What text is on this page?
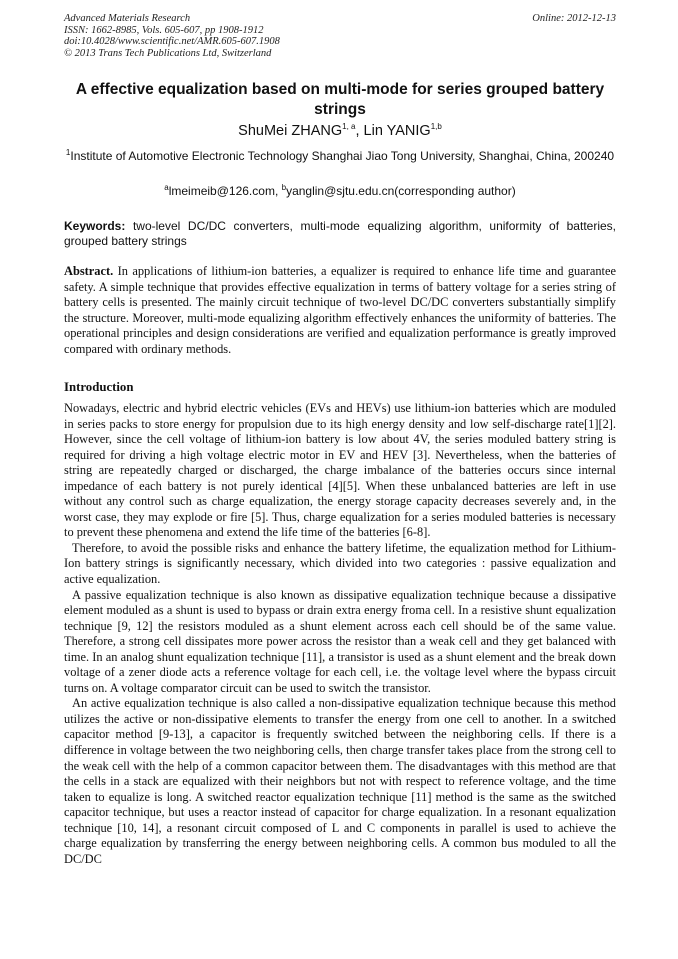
Advanced Materials Research
ISSN: 1662-8985, Vols. 605-607, pp 1908-1912
doi:10.4028/www.scientific.net/AMR.605-607.1908
© 2013 Trans Tech Publications Ltd, Switzerland
Online: 2012-12-13
A effective equalization based on multi-mode for series grouped battery strings
ShuMei ZHANG$^{1, a}$, Lin YANIG$^{1,b}$
$^1$Institute of Automotive Electronic Technology Shanghai Jiao Tong University, Shanghai, China, 200240
$^a$lmeimeib@126.com, $^b$yanglin@sjtu.edu.cn(corresponding author)
Keywords: two-level DC/DC converters, multi-mode equalizing algorithm, uniformity of batteries, grouped battery strings
Abstract. In applications of lithium-ion batteries, a equalizer is required to enhance life time and guarantee safety. A simple technique that provides effective equalization in terms of battery voltage for a series string of battery cells is presented. The mainly circuit technique of two-level DC/DC converters substantially simplify the structure. Moreover, multi-mode equalizing algorithm effectively enhances the uniformity of batteries. The operational principles and design considerations are verified and equalization performance is greatly improved compared with ordinary methods.
Introduction

Nowadays, electric and hybrid electric vehicles (EVs and HEVs) use lithium-ion batteries which are moduled in series packs to store energy for propulsion due to its high energy density and low self-discharge rate[1][2]. However, since the cell voltage of lithium-ion battery is low about 4V, the series moduled battery string is required for driving a high voltage electric motor in EV and HEV [3]. Nevertheless, when the batteries of string are repeatedly charged or discharged, the charge imbalance of the batteries occurs since internal impedance of each battery is not purely identical [4][5]. When these unbalanced batteries are left in use without any control such as charge equalization, the energy storage capacity decreases severely and, in the worst case, they may explode or fire [5]. Thus, charge equalization for a series moduled batteries is necessary to prevent these phenomena and extend the life time of the batteries [6-8].

Therefore, to avoid the possible risks and enhance the battery lifetime, the equalization method for Lithium-Ion battery strings is significantly necessary, which divided into two categories : passive equalization and active equalization.

A passive equalization technique is also known as dissipative equalization technique because a dissipative element moduled as a shunt is used to bypass or drain extra energy froma cell. In a resistive shunt equalization technique [9, 12] the resistors moduled as a shunt element across each cell should be of the same value. Therefore, a strong cell dissipates more power across the resistor than a weak cell and they get balanced with time. In an analog shunt equalization technique [11], a transistor is used as a shunt element and the break down voltage of a zener diode acts a reference voltage for each cell, i.e. the voltage level where the bypass circuit turns on. A voltage comparator circuit can be used to switch the transistor.

An active equalization technique is also called a non-dissipative equalization technique because this method utilizes the active or non-dissipative elements to transfer the energy from one cell to another. In a switched capacitor method [9-13], a capacitor is frequently switched between the neighboring cells. If there is a difference in voltage between the two neighboring cells, then charge transfer takes place from the strong cell to the weak cell with the help of a common capacitor between them. The disadvantages with this method are that the cells in a stack are equalized with their neighbors but not with respect to reference voltage, and the time taken to equalize is long. A switched reactor equalization technique [11] method is the same as the switched capacitor technique, but uses a reactor instead of capacitor for charge equalization. In a resonant equalization technique [10, 14], a resonant circuit composed of L and C components in parallel is used to achieve the charge equalization by transferring the energy between neighboring cells. A common bus moduled to all the DC/DC
